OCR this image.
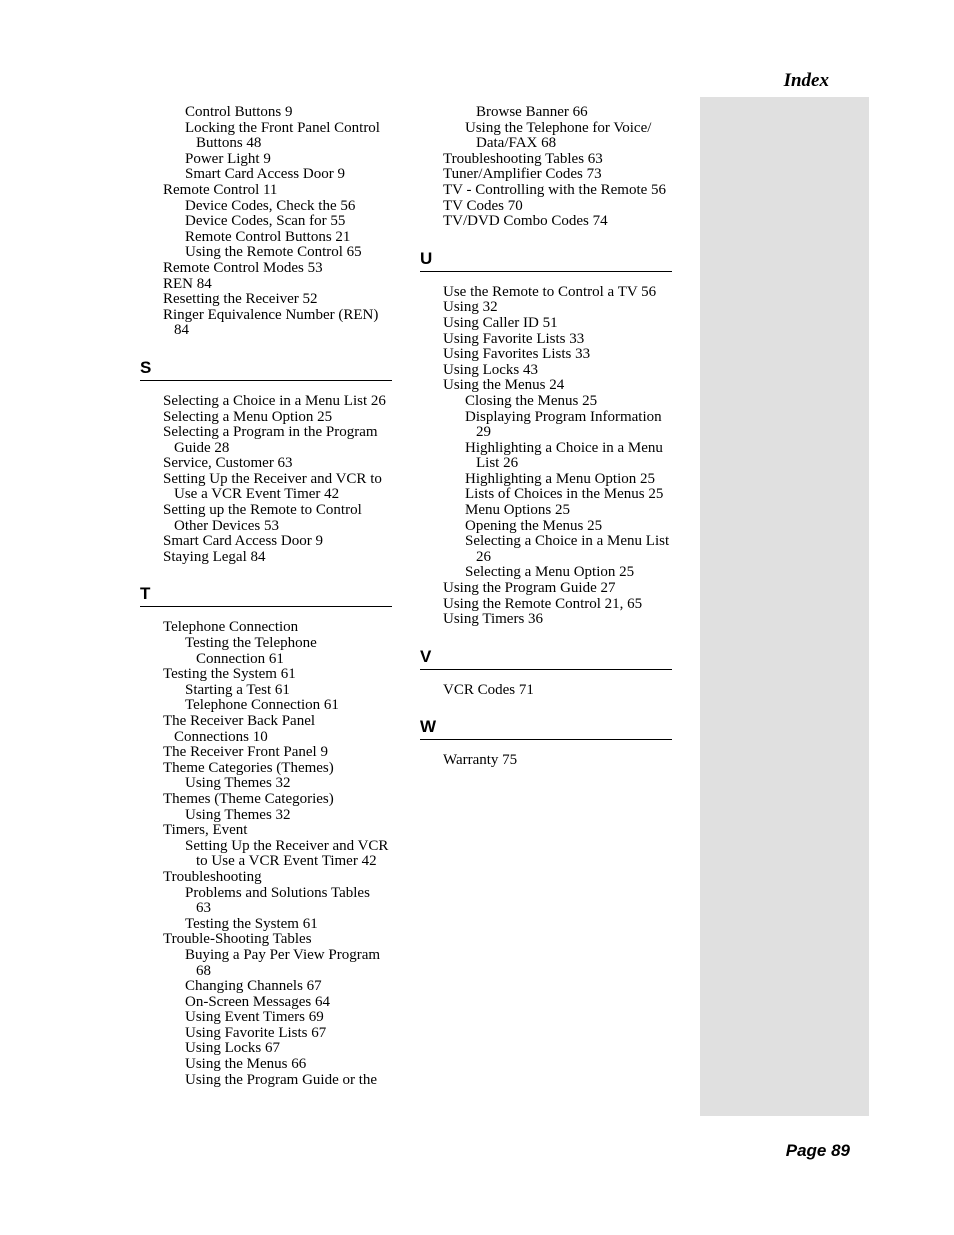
Index

Control Buttons 9

Locking the Front Panel Control

Buttons 48

Power Light 9

Smart Card Access Door 9

Remote Control 11

Device Codes, Check the 56

Device Codes, Scan for 55

Remote Control Buttons 21

Using the Remote Control 65

Remote Control Modes 53

REN 84

Resetting the Receiver 52

Ringer Equivalence Number (REN)

84

S

Selecting a Choice in a Menu List 26

Selecting a Menu Option 25

Selecting a Program in the Program

Guide 28

Service, Customer 63

Setting Up the Receiver and VCR to

Use a VCR Event Timer 42

Setting up the Remote to Control

Other Devices 53

Smart Card Access Door 9

Staying Legal 84

T

Telephone Connection

Testing the Telephone

Connection 61

Testing the System 61

Starting a Test 61

Telephone Connection 61

The Receiver Back Panel

Connections 10

The Receiver Front Panel 9

Theme Categories (Themes)

Using Themes 32

Themes (Theme Categories)

Using Themes 32

Timers, Event

Setting Up the Receiver and VCR

to Use a VCR Event Timer 42

Troubleshooting

Problems and Solutions Tables

63

Testing the System 61

Trouble-Shooting Tables

Buying a Pay Per View Program

68

Changing Channels 67

On-Screen Messages 64

Using Event Timers 69

Using Favorite Lists 67

Using Locks 67

Using the Menus 66

Using the Program Guide or the

Browse Banner 66

Using the Telephone for Voice/

Data/FAX 68

Troubleshooting Tables 63

Tuner/Amplifier Codes 73

TV - Controlling with the Remote 56

TV Codes 70

TV/DVD Combo Codes 74

U

Use the Remote to Control a TV 56

Using 32

Using Caller ID 51

Using Favorite Lists 33

Using Favorites Lists 33

Using Locks 43

Using the Menus 24

Closing the Menus 25

Displaying Program Information

29

Highlighting a Choice in a Menu

List 26

Highlighting a Menu Option 25

Lists of Choices in the Menus 25

Menu Options 25

Opening the Menus 25

Selecting a Choice in a Menu List

26

Selecting a Menu Option 25

Using the Program Guide 27

Using the Remote Control 21, 65

Using Timers 36

V

VCR Codes 71

W

Warranty 75

Page 89
